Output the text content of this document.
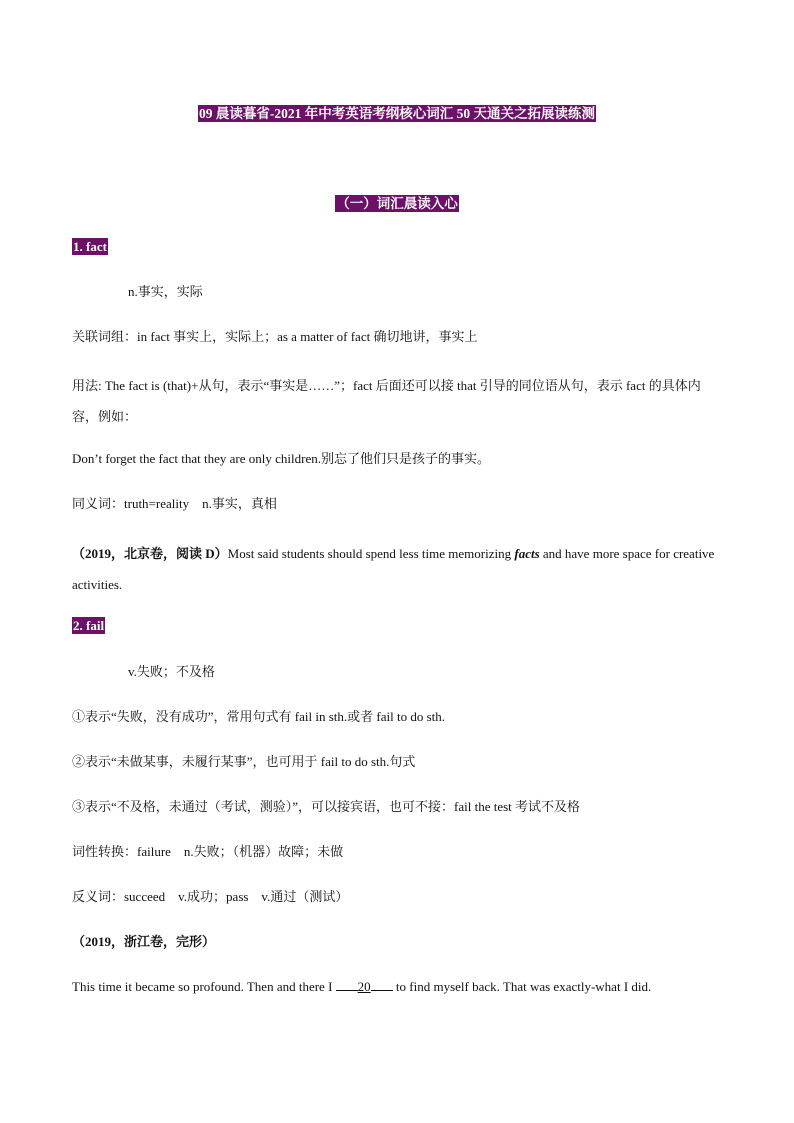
09 晨读暮省-2021 年中考英语考纲核心词汇 50 天通关之拓展读练测
（一）词汇晨读入心
1. fact
n.事实，实际
关联词组：in fact 事实上，实际上；as a matter of fact 确切地讲，事实上
用法: The fact is (that)+从句，表示“事实是……”；fact 后面还可以接 that 引导的同位语从句，表示 fact 的具体内容，例如：
Don’t forget the fact that they are only children.别忘了他们只是孩子的事实。
同义词：truth=reality　n.事实，真相
（2019，北京卷，阅读 D）Most said students should spend less time memorizing facts and have more space for creative activities.
2. fail
v.失败；不及格
①表示“失败，没有成功”，常用句式有 fail in sth.或者 fail to do sth.
②表示“未做某事，未履行某事”，也可用于 fail to do sth.句式
③表示“不及格，未通过（考试，测验）”，可以接宾语，也可不接：fail the test 考试不及格
词性转换：failure　n.失败；（机器）故障；未做
反义词：succeed　v.成功；pass　v.通过（测试）
（2019，浙江卷，完形）
This time it became so profound. Then and there I 20 to find myself back. That was exactly-what I did.
